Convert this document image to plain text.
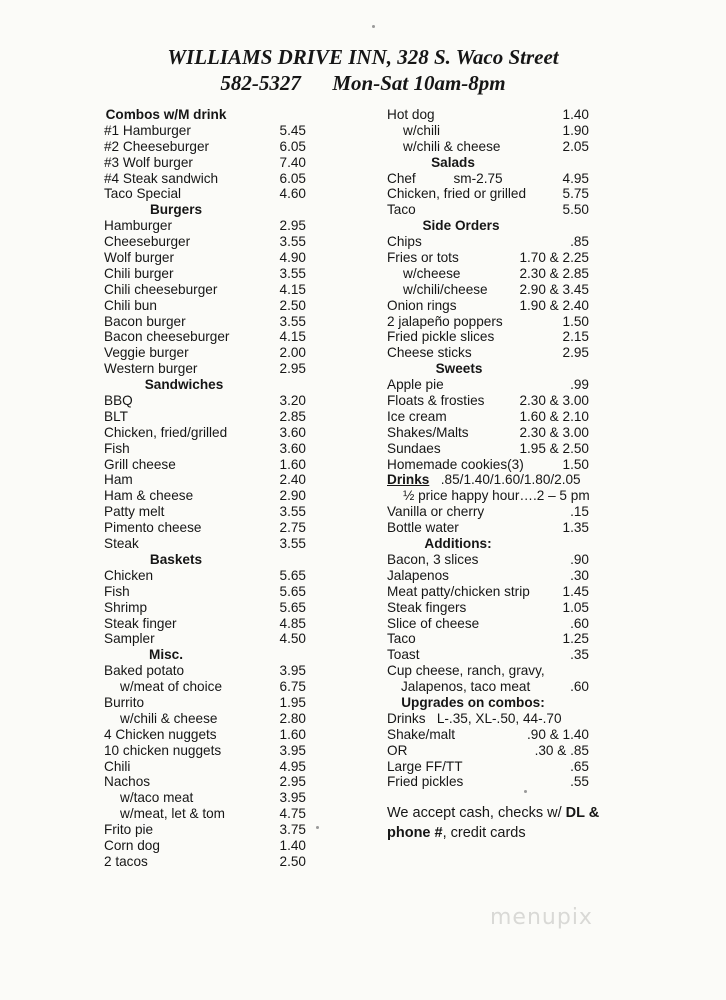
WILLIAMS DRIVE INN, 328 S. Waco Street
582-5327      Mon-Sat 10am-8pm
Combos w/M drink
#1 Hamburger	5.45
#2 Cheeseburger	6.05
#3 Wolf burger	7.40
#4 Steak sandwich	6.05
Taco Special	4.60
Burgers
Hamburger	2.95
Cheeseburger	3.55
Wolf burger	4.90
Chili burger	3.55
Chili cheeseburger	4.15
Chili bun	2.50
Bacon burger	3.55
Bacon cheeseburger	4.15
Veggie burger	2.00
Western burger	2.95
Sandwiches
BBQ	3.20
BLT	2.85
Chicken, fried/grilled	3.60
Fish	3.60
Grill cheese	1.60
Ham	2.40
Ham & cheese	2.90
Patty melt	3.55
Pimento cheese	2.75
Steak	3.55
Baskets
Chicken	5.65
Fish	5.65
Shrimp	5.65
Steak finger	4.85
Sampler	4.50
Misc.
Baked potato	3.95
w/meat of choice	6.75
Burrito	1.95
w/chili & cheese	2.80
4 Chicken nuggets	1.60
10 chicken nuggets	3.95
Chili	4.95
Nachos	2.95
w/taco meat	3.95
w/meat, let & tom	4.75
Frito pie	3.75
Corn dog	1.40
2 tacos	2.50
Hot dog	1.40
w/chili	1.90
w/chili & cheese	2.05
Salads
Chef          sm-2.75	4.95
Chicken, fried or grilled	5.75
Taco	5.50
Side Orders
Chips	.85
Fries or tots	1.70 & 2.25
w/cheese	2.30 & 2.85
w/chili/cheese 2.90 & 3.45
Onion rings	1.90 & 2.40
2 jalapeño poppers	1.50
Fried pickle slices	2.15
Cheese sticks	2.95
Sweets
Apple pie	.99
Floats & frosties	2.30 & 3.00
Ice cream	1.60 & 2.10
Shakes/Malts	2.30 & 3.00
Sundaes	1.95 & 2.50
Homemade cookies(3)	1.50
Drinks .85/1.40/1.60/1.80/2.05
½ price happy hour….2 – 5 pm
Vanilla or cherry	.15
Bottle water	1.35
Additions:
Bacon, 3 slices	.90
Jalapenos	.30
Meat patty/chicken strip 1.45
Steak fingers	1.05
Slice of cheese	.60
Taco	1.25
Toast	.35
Cup cheese, ranch, gravy,
Jalapenos, taco meat	.60
Upgrades on combos:
Drinks   L-.35, XL-.50, 44-.70
Shake/malt	.90 & 1.40
OR	.30 & .85
Large FF/TT	.65
Fried pickles	.55
We accept cash, checks w/ DL &
phone #, credit cards
menupix
